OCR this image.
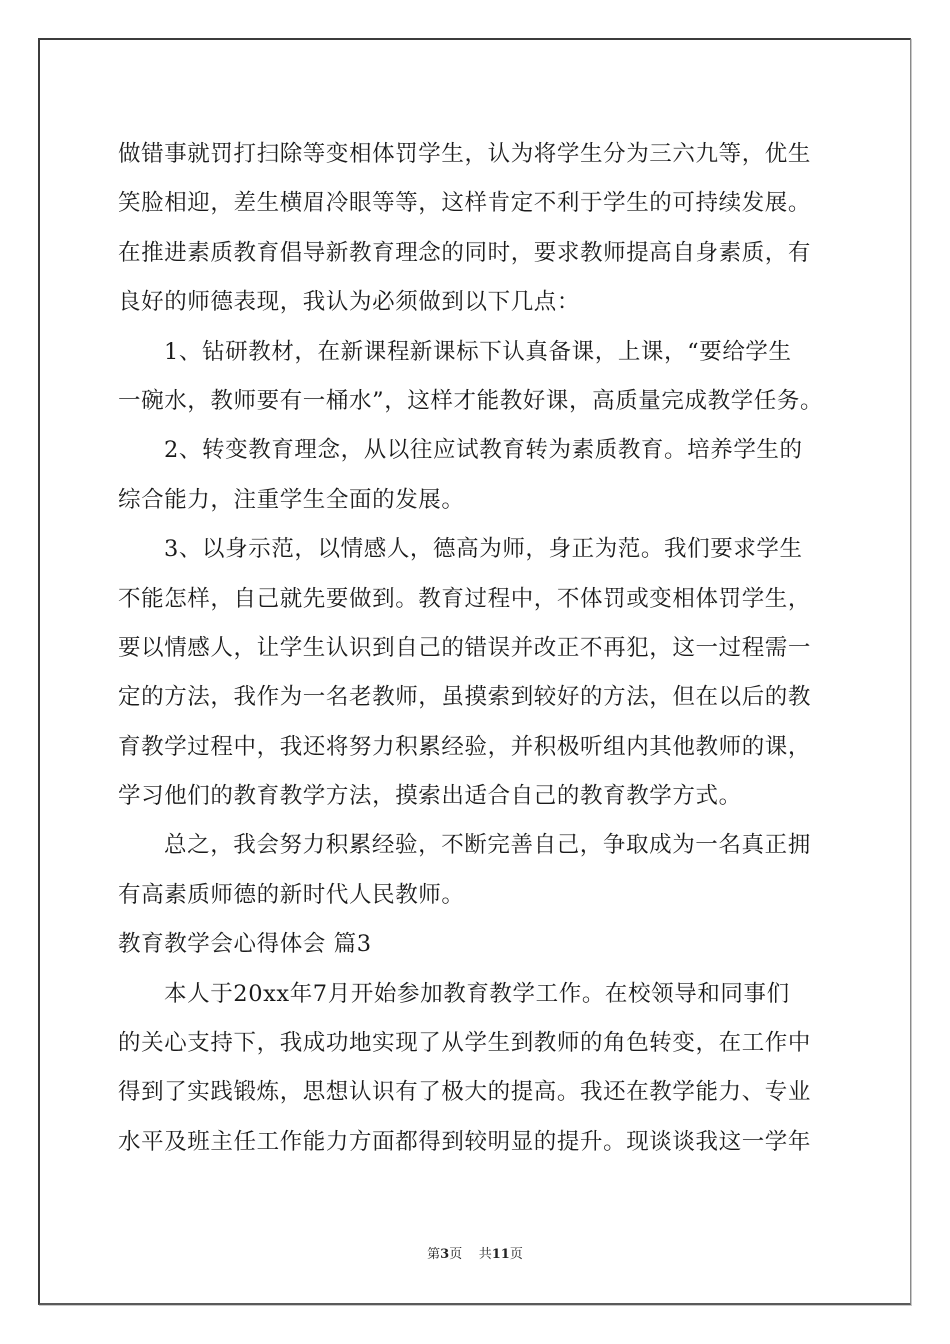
做错事就罚打扫除等变相体罚学生，认为将学生分为三六九等，优生
笑脸相迎，差生横眉冷眼等等，这样肯定不利于学生的可持续发展。
在推进素质教育倡导新教育理念的同时，要求教师提高自身素质，有
良好的师德表现，我认为必须做到以下几点：
1、钻研教材，在新课程新课标下认真备课，上课，“要给学生
一碗水，教师要有一桶水”，这样才能教好课，高质量完成教学任务。
2、转变教育理念，从以往应试教育转为素质教育。培养学生的
综合能力，注重学生全面的发展。
3、以身示范，以情感人，德高为师，身正为范。我们要求学生
不能怎样，自己就先要做到。教育过程中，不体罚或变相体罚学生，
要以情感人，让学生认识到自己的错误并改正不再犯，这一过程需一
定的方法，我作为一名老教师，虽摸索到较好的方法，但在以后的教
育教学过程中，我还将努力积累经验，并积极听组内其他教师的课，
学习他们的教育教学方法，摸索出适合自己的教育教学方式。
总之，我会努力积累经验，不断完善自己，争取成为一名真正拥
有高素质师德的新时代人民教师。
教育教学会心得体会 篇3
本人于20xx年7月开始参加教育教学工作。在校领导和同事们
的关心支持下，我成功地实现了从学生到教师的角色转变，在工作中
得到了实践锻炼，思想认识有了极大的提高。我还在教学能力、专业
水平及班主任工作能力方面都得到较明显的提升。现谈谈我这一学年
第3页 共11页
